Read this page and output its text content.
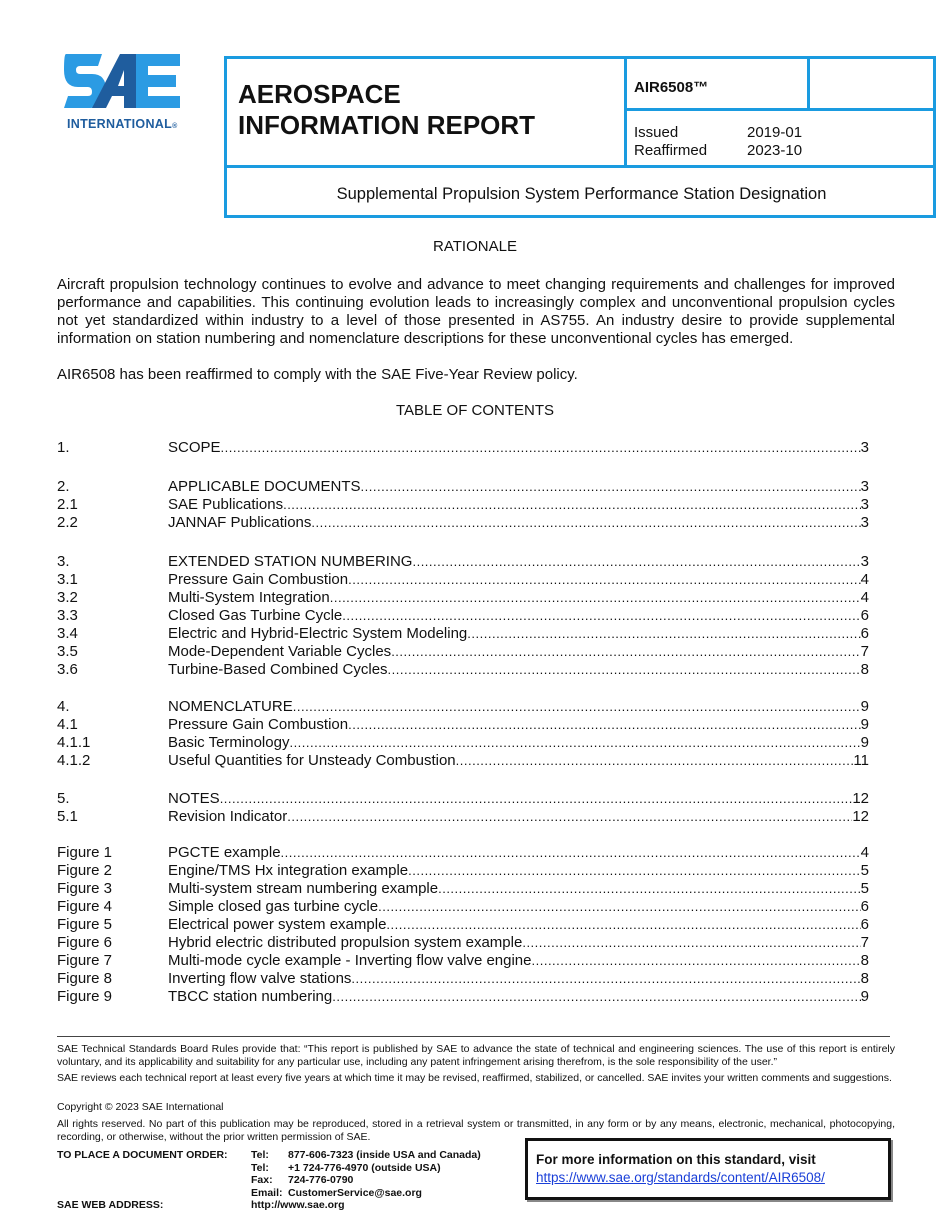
INTERNATIONAL®
AEROSPACE
INFORMATION REPORT
AIR6508™
Issued	2019-01
Reaffirmed	2023-10
Supplemental Propulsion System Performance Station Designation
RATIONALE
Aircraft propulsion technology continues to evolve and advance to meet changing requirements and challenges for improved performance and capabilities. This continuing evolution leads to increasingly complex and unconventional propulsion cycles not yet standardized within industry to a level of those presented in AS755. An industry desire to provide supplemental information on station numbering and nomenclature descriptions for these unconventional cycles has emerged.
AIR6508 has been reaffirmed to comply with the SAE Five-Year Review policy.
TABLE OF CONTENTS
1.	SCOPE .....	3
2.	APPLICABLE DOCUMENTS .....	3
2.1	SAE Publications .....	3
2.2	JANNAF Publications .....	3
3.	EXTENDED STATION NUMBERING .....	3
3.1	Pressure Gain Combustion .....	4
3.2	Multi-System Integration .....	4
3.3	Closed Gas Turbine Cycle .....	6
3.4	Electric and Hybrid-Electric System Modeling .....	6
3.5	Mode-Dependent Variable Cycles .....	7
3.6	Turbine-Based Combined Cycles .....	8
4.	NOMENCLATURE .....	9
4.1	Pressure Gain Combustion .....	9
4.1.1	Basic Terminology .....	9
4.1.2	Useful Quantities for Unsteady Combustion .....	11
5.	NOTES .....	12
5.1	Revision Indicator .....	12
Figure 1	PGCTE example .....	4
Figure 2	Engine/TMS Hx integration example .....	5
Figure 3	Multi-system stream numbering example .....	5
Figure 4	Simple closed gas turbine cycle .....	6
Figure 5	Electrical power system example .....	6
Figure 6	Hybrid electric distributed propulsion system example .....	7
Figure 7	Multi-mode cycle example - Inverting flow valve engine .....	8
Figure 8	Inverting flow valve stations .....	8
Figure 9	TBCC station numbering .....	9
SAE Technical Standards Board Rules provide that: “This report is published by SAE to advance the state of technical and engineering sciences. The use of this report is entirely voluntary, and its applicability and suitability for any particular use, including any patent infringement arising therefrom, is the sole responsibility of the user.”
SAE reviews each technical report at least every five years at which time it may be revised, reaffirmed, stabilized, or cancelled. SAE invites your written comments and suggestions.
Copyright © 2023 SAE International
All rights reserved. No part of this publication may be reproduced, stored in a retrieval system or transmitted, in any form or by any means, electronic, mechanical, photocopying, recording, or otherwise, without the prior written permission of SAE.
TO PLACE A DOCUMENT ORDER:
SAE WEB ADDRESS:
Tel:	877-606-7323 (inside USA and Canada)
Tel:	+1 724-776-4970 (outside USA)
Fax:	724-776-0790
Email: CustomerService@sae.org
http://www.sae.org
For more information on this standard, visit
https://www.sae.org/standards/content/AIR6508/
